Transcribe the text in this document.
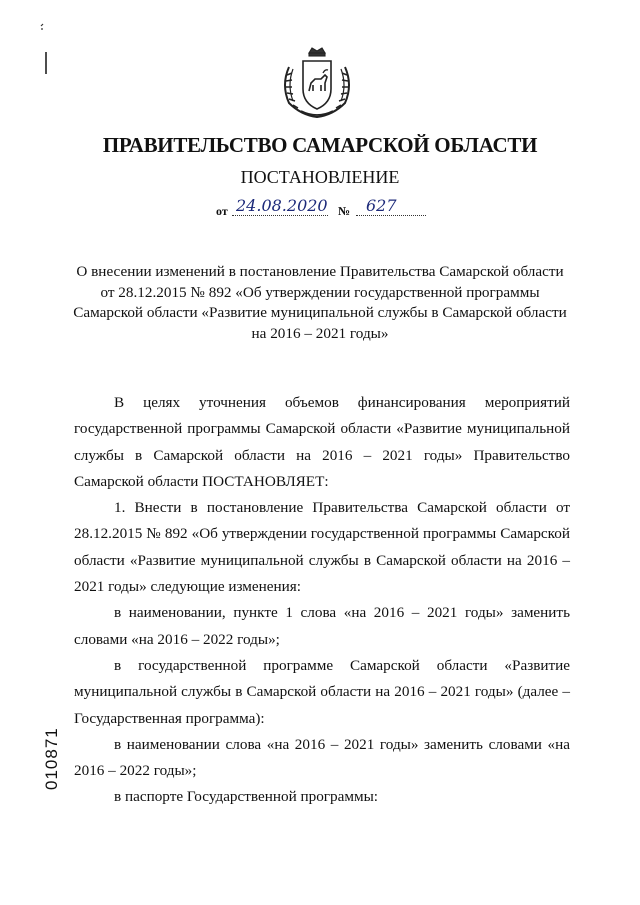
ПРАВИТЕЛЬСТВО САМАРСКОЙ ОБЛАСТИ
ПОСТАНОВЛЕНИЕ
от 24.08.2020 № 627
О внесении изменений в постановление Правительства Самарской области от 28.12.2015 № 892 «Об утверждении государственной программы Самарской области «Развитие муниципальной службы в Самарской области на 2016 – 2021 годы»

В целях уточнения объемов финансирования мероприятий государственной программы Самарской области «Развитие муниципальной службы в Самарской области на 2016 – 2021 годы» Правительство Самарской области ПОСТАНОВЛЯЕТ:

1. Внести в постановление Правительства Самарской области от 28.12.2015 № 892 «Об утверждении государственной программы Самарской области «Развитие муниципальной службы в Самарской области на 2016 – 2021 годы» следующие изменения:

в наименовании, пункте 1 слова «на 2016 – 2021 годы» заменить словами «на 2016 – 2022 годы»;

в государственной программе Самарской области «Развитие муниципальной службы в Самарской области на 2016 – 2021 годы» (далее – Государственная программа):

в наименовании слова «на 2016 – 2021 годы» заменить словами «на 2016 – 2022 годы»;

в паспорте Государственной программы:

010871
